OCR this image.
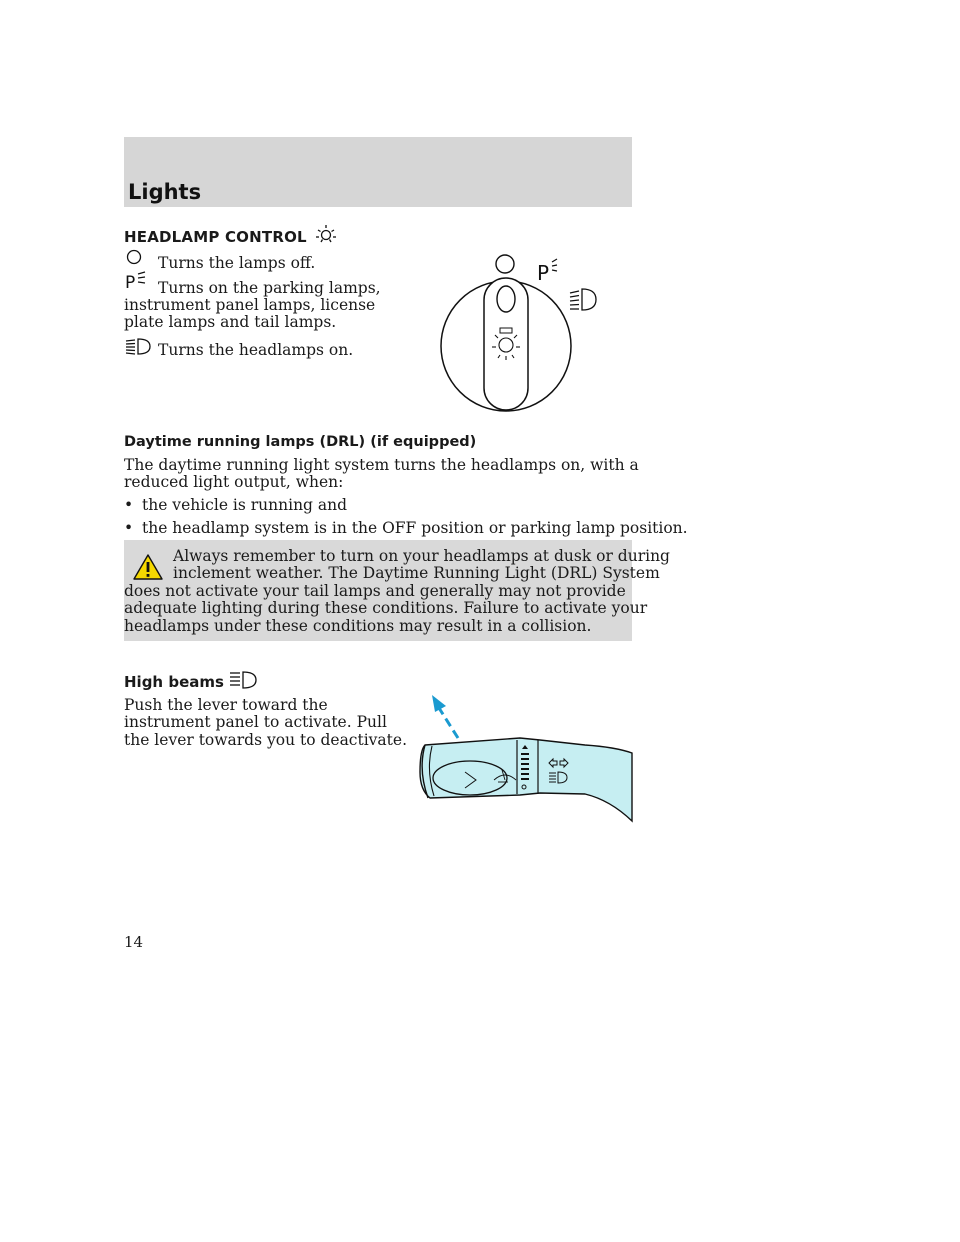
Lights
HEADLAMP CONTROL
Turns the lamps off.
P Turns on the parking lamps,
instrument panel lamps, license
plate lamps and tail lamps.
Turns the headlamps on.
P
Daytime running lamps (DRL) (if equipped)
The daytime running light system turns the headlamps on, with a
reduced light output, when:
• the vehicle is running and
• the headlamp system is in the OFF position or parking lamp position.
Always remember to turn on your headlamps at dusk or during
inclement weather. The Daytime Running Light (DRL) System
does not activate your tail lamps and generally may not provide
adequate lighting during these conditions. Failure to activate your
headlamps under these conditions may result in a collision.
High beams
Push the lever toward the
instrument panel to activate. Pull
the lever towards you to deactivate.
14
